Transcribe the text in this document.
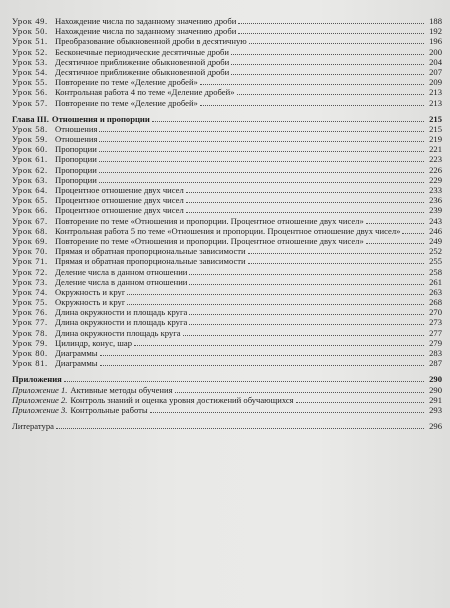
Урок 49. Нахождение числа по заданному значению дроби	188
Урок 50. Нахождение числа по заданному значению дроби	192
Урок 51. Преобразование обыкновенной дроби в десятичную	196
Урок 52. Бесконечные периодические десятичные дроби	200
Урок 53. Десятичное приближение обыкновенной дроби	204
Урок 54. Десятичное приближение обыкновенной дроби	207
Урок 55. Повторение по теме «Деление дробей»	209
Урок 56. Контрольная работа 4 по теме «Деление дробей»	213
Урок 57. Повторение по теме «Деление дробей»	213
Глава III. Отношения и пропорции	215
Урок 58. Отношения	215
Урок 59. Отношения	219
Урок 60. Пропорции	221
Урок 61. Пропорции	223
Урок 62. Пропорции	226
Урок 63. Пропорции	229
Урок 64. Процентное отношение двух чисел	233
Урок 65. Процентное отношение двух чисел	236
Урок 66. Процентное отношение двух чисел	239
Урок 67. Повторение по теме «Отношения и пропорции. Процентное отношение двух чисел»	243
Урок 68. Контрольная работа 5 по теме «Отношения и пропорции. Процентное отношение двух чисел»	246
Урок 69. Повторение по теме «Отношения и пропорции. Процентное отношение двух чисел»	249
Урок 70. Прямая и обратная пропорциональные зависимости	252
Урок 71. Прямая и обратная пропорциональные зависимости	255
Урок 72. Деление числа в данном отношении	258
Урок 73. Деление числа в данном отношении	261
Урок 74. Окружность и круг	263
Урок 75. Окружность и круг	268
Урок 76. Длина окружности и площадь круга	270
Урок 77. Длина окружности и площадь круга	273
Урок 78. Длина окружности площадь круга	277
Урок 79. Цилиндр, конус, шар	279
Урок 80. Диаграммы	283
Урок 81. Диаграммы	287
Приложения	290
Приложение 1. Активные методы обучения	290
Приложение 2. Контроль знаний и оценка уровня достижений обучающихся	291
Приложение 3. Контрольные работы	293
Литература	296
